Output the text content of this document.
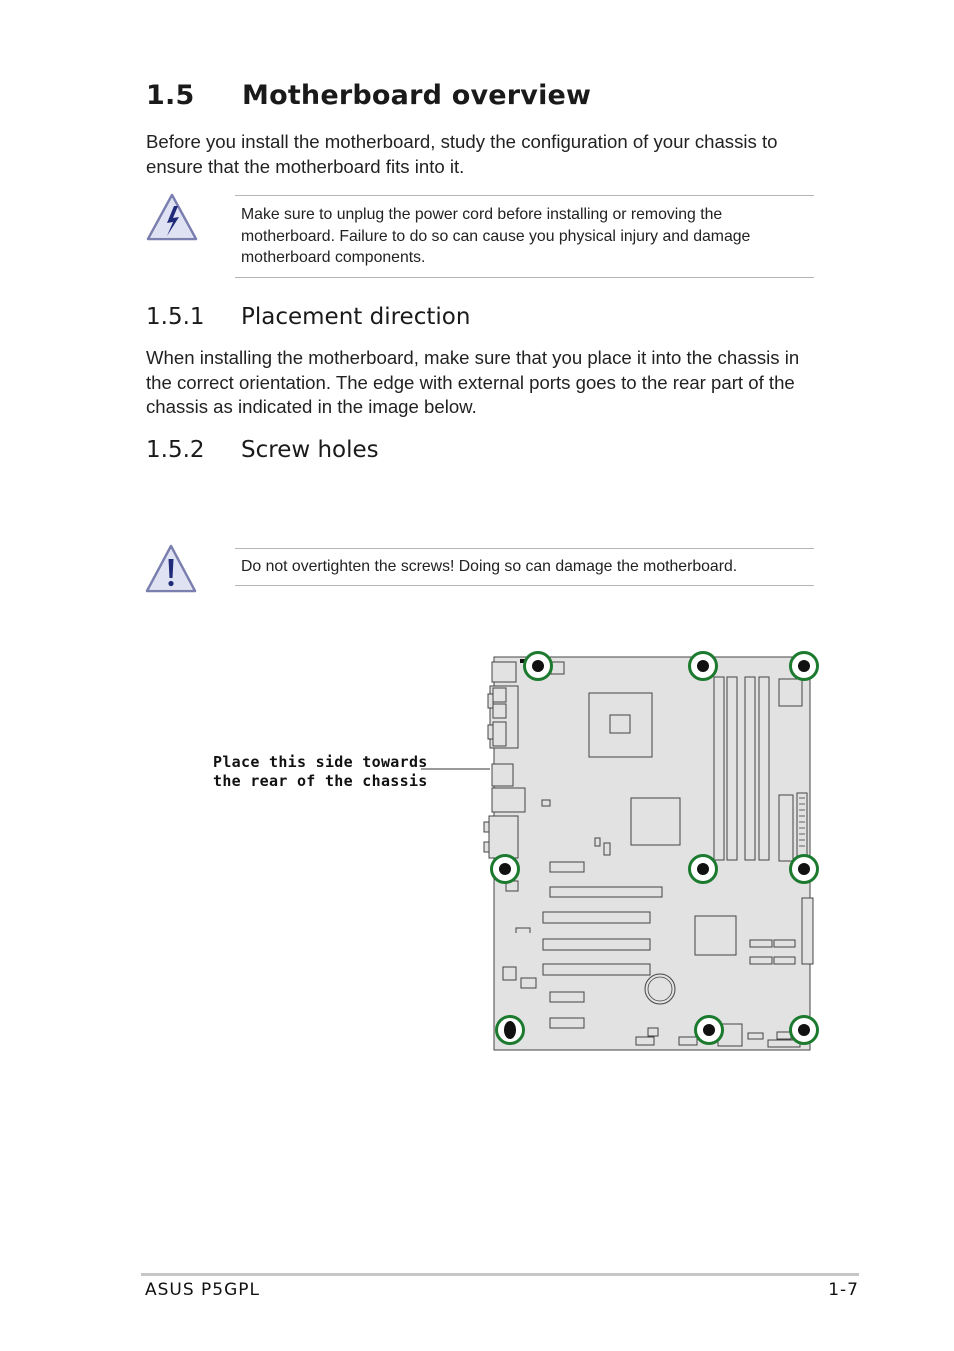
1.5 Motherboard overview
Before you install the motherboard, study the configuration of your chassis to ensure that the motherboard fits into it.
Make sure to unplug the power cord before installing or removing the motherboard. Failure to do so can cause you physical injury and damage motherboard components.
1.5.1 Placement direction
When installing the motherboard, make sure that you place it into the chassis in the correct orientation. The edge with external ports goes to the rear part of the chassis as indicated in the image below.
1.5.2 Screw holes
Do not overtighten the screws! Doing so can damage the motherboard.
Place this side towards
the rear of the chassis
ASUS P5GPL	1-7
